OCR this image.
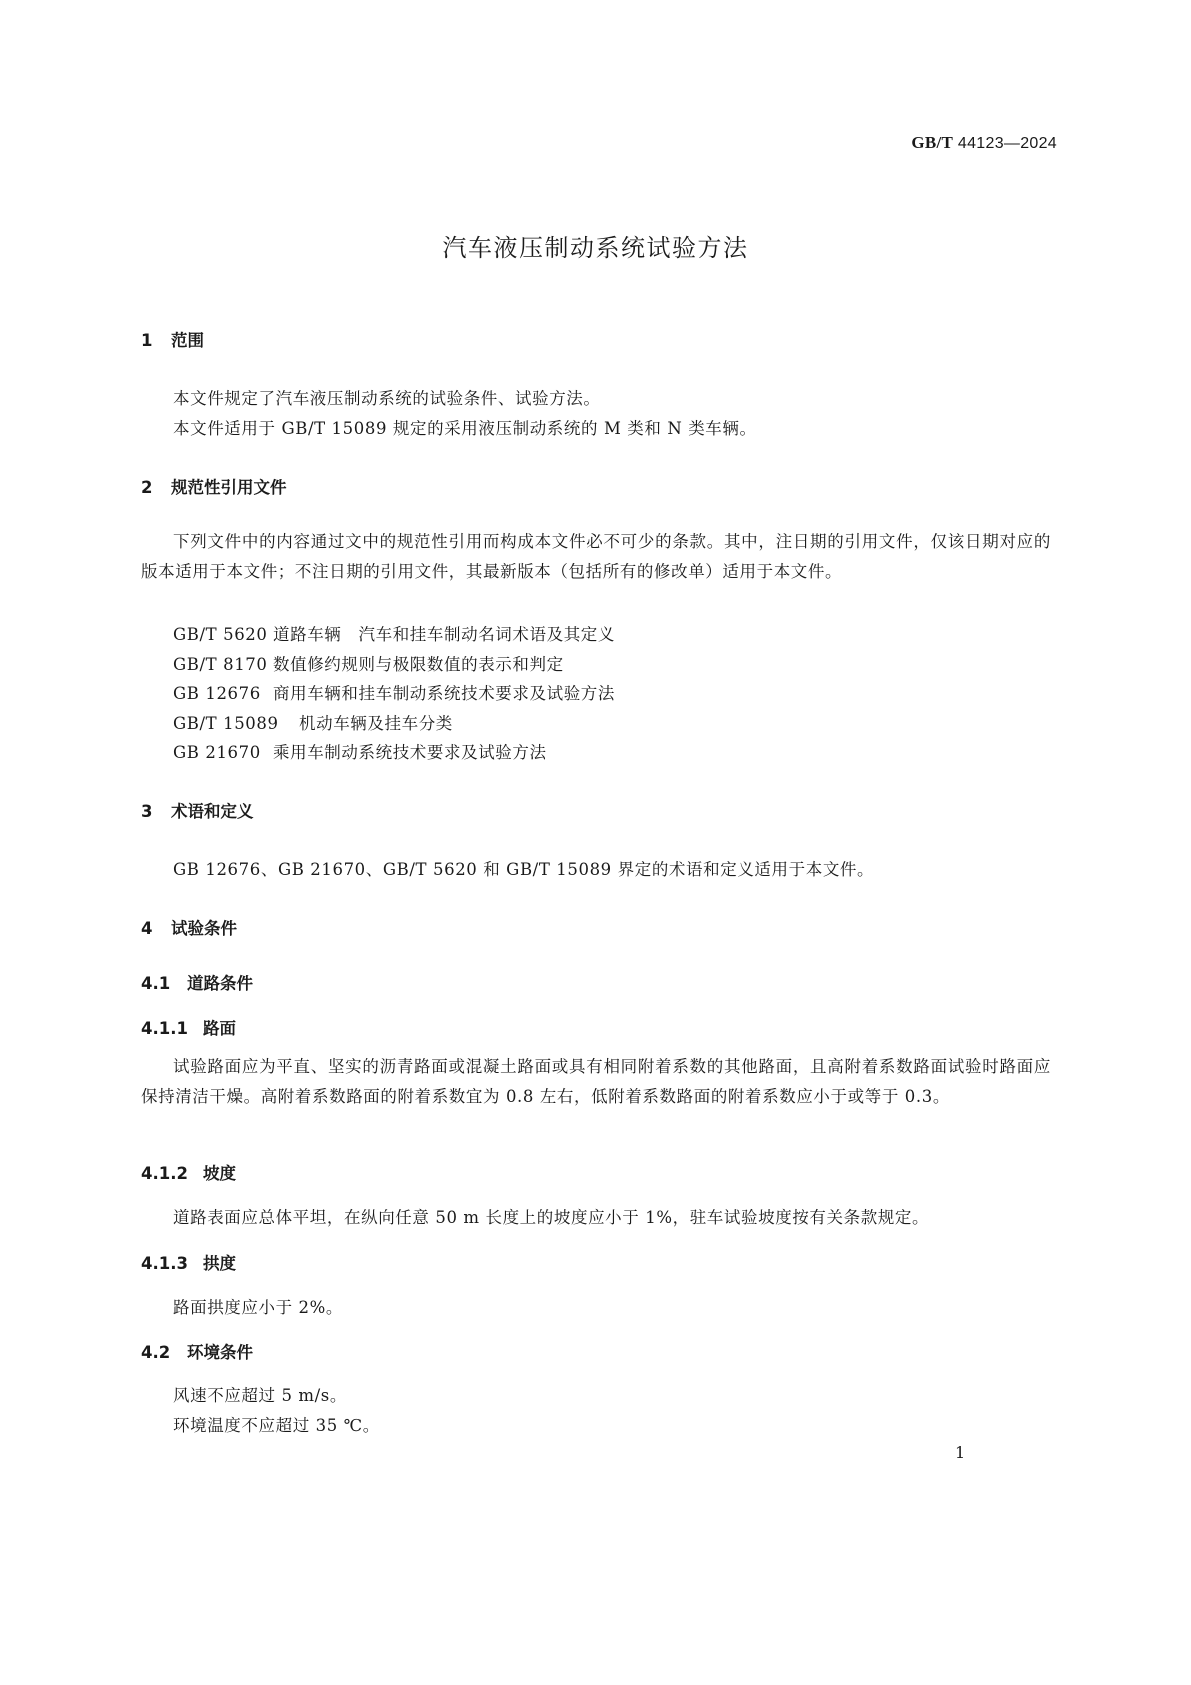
GB/T 44123—2024
汽车液压制动系统试验方法
1 范围
本文件规定了汽车液压制动系统的试验条件、试验方法。
本文件适用于 GB/T 15089 规定的采用液压制动系统的 M 类和 N 类车辆。
2 规范性引用文件
下列文件中的内容通过文中的规范性引用而构成本文件必不可少的条款。其中，注日期的引用文件，仅该日期对应的版本适用于本文件；不注日期的引用文件，其最新版本（包括所有的修改单）适用于本文件。
GB/T 5620 道路车辆　汽车和挂车制动名词术语及其定义
GB/T 8170 数值修约规则与极限数值的表示和判定
GB 12676 商用车辆和挂车制动系统技术要求及试验方法
GB/T 15089 机动车辆及挂车分类
GB 21670 乘用车制动系统技术要求及试验方法
3 术语和定义
GB 12676、GB 21670、GB/T 5620 和 GB/T 15089 界定的术语和定义适用于本文件。
4 试验条件
4.1 道路条件
4.1.1 路面
试验路面应为平直、坚实的沥青路面或混凝土路面或具有相同附着系数的其他路面，且高附着系数路面试验时路面应保持清洁干燥。高附着系数路面的附着系数宜为 0.8 左右，低附着系数路面的附着系数应小于或等于 0.3。
4.1.2 坡度
道路表面应总体平坦，在纵向任意 50 m 长度上的坡度应小于 1%，驻车试验坡度按有关条款规定。
4.1.3 拱度
路面拱度应小于 2%。
4.2 环境条件
风速不应超过 5 m/s。
环境温度不应超过 35 ℃。
1
